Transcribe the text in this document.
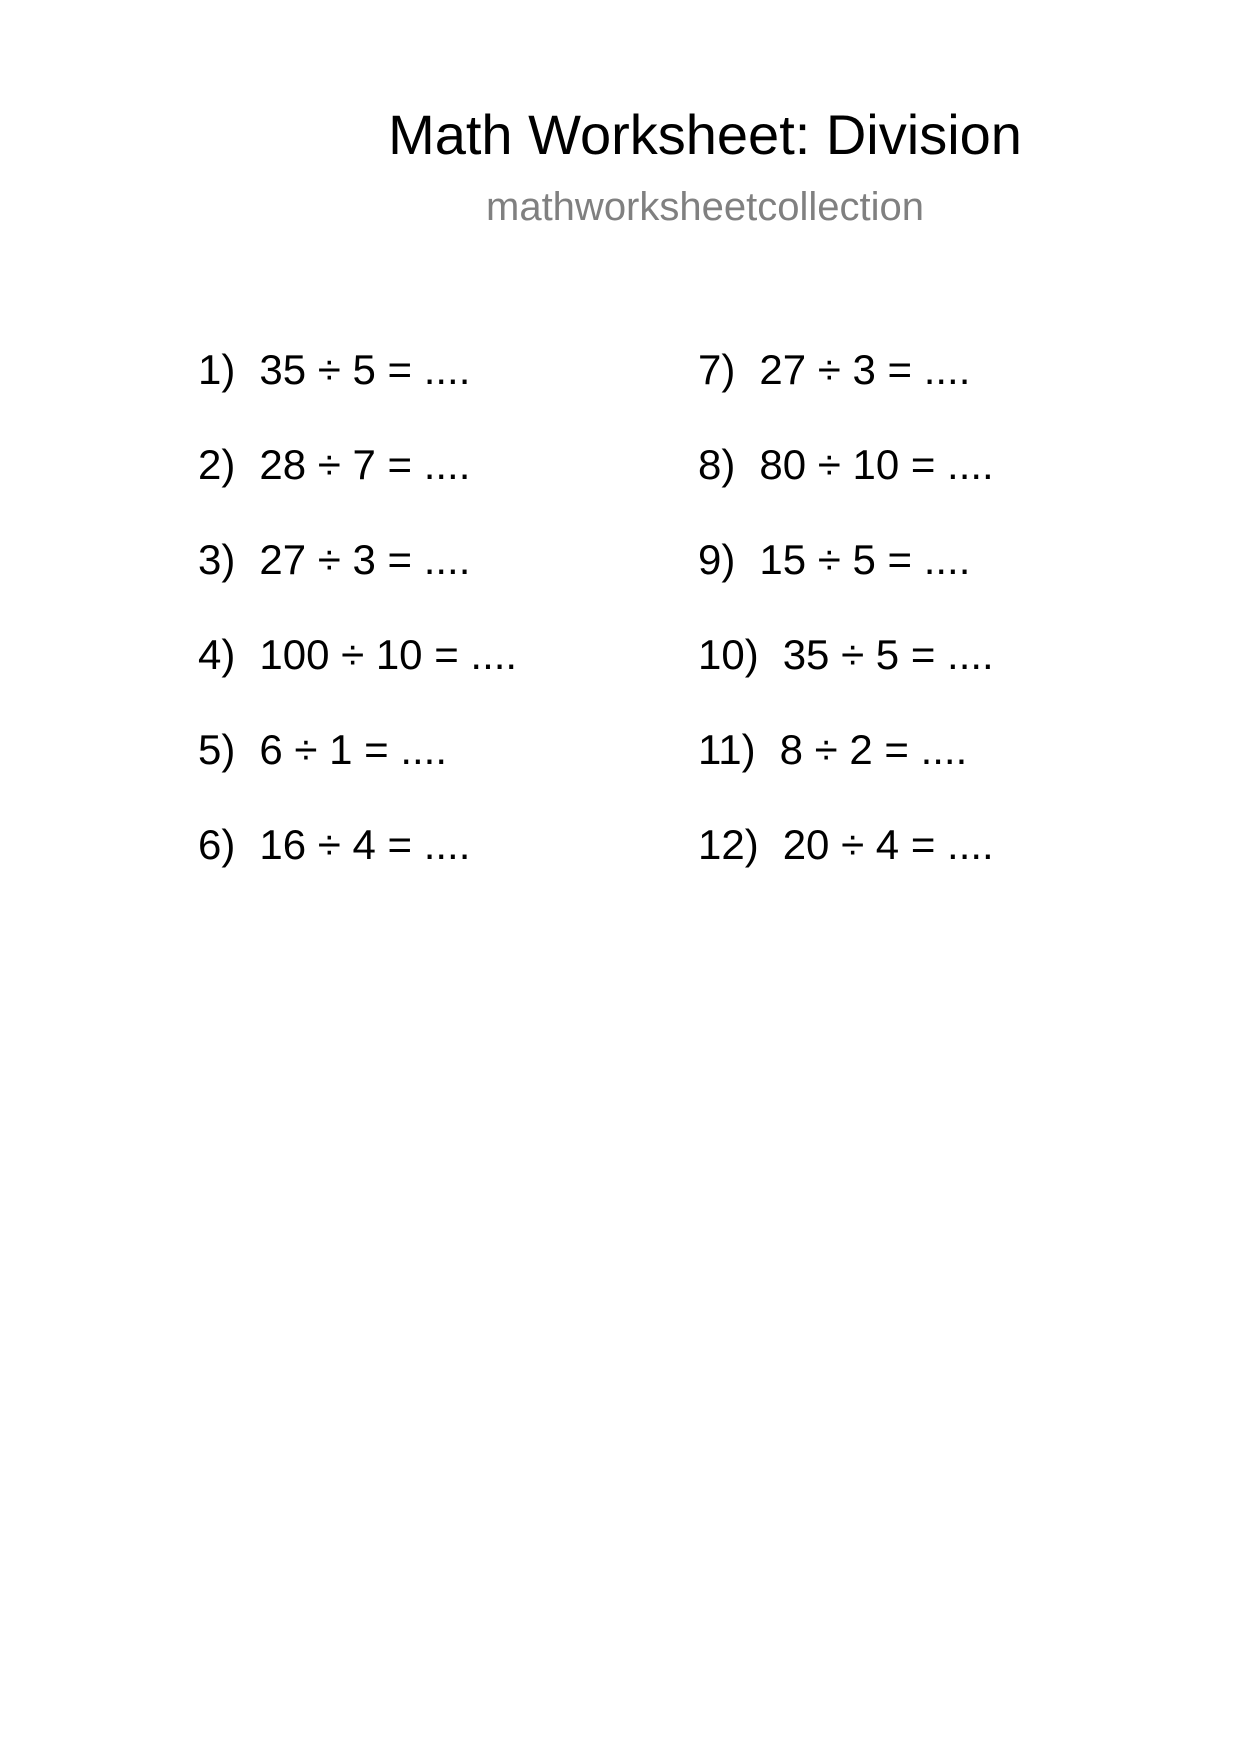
Math Worksheet: Division
mathworksheetcollection
1) 35 ÷ 5 = ....
2) 28 ÷ 7 = ....
3) 27 ÷ 3 = ....
4) 100 ÷ 10 = ....
5) 6 ÷ 1 = ....
6) 16 ÷ 4 = ....
7) 27 ÷ 3 = ....
8) 80 ÷ 10 = ....
9) 15 ÷ 5 = ....
10) 35 ÷ 5 = ....
11) 8 ÷ 2 = ....
12) 20 ÷ 4 = ....
